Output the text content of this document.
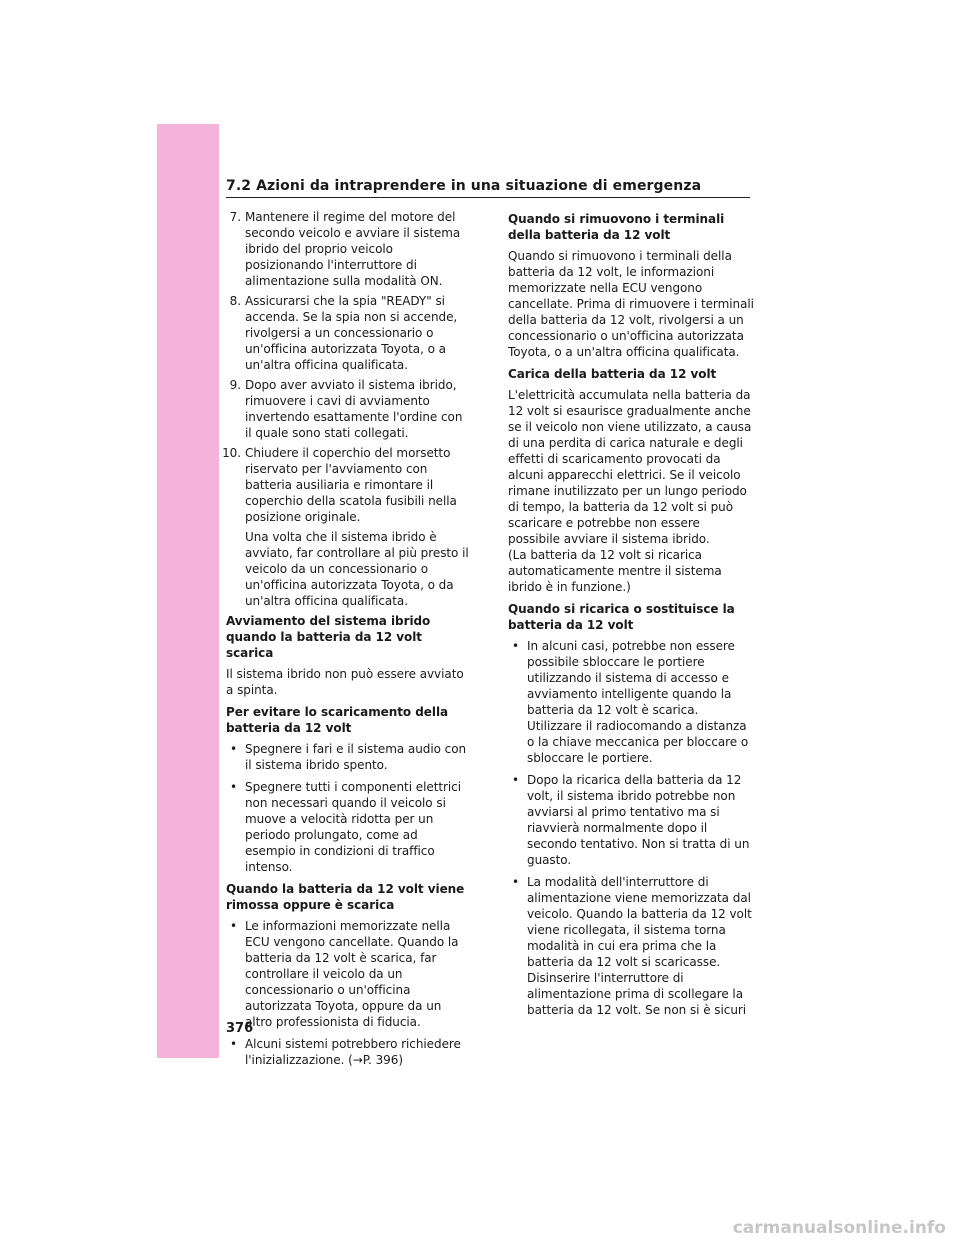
7.2 Azioni da intraprendere in una situazione di emergenza
7. Mantenere il regime del motore del secondo veicolo e avviare il sistema ibrido del proprio veicolo posizionando l'interruttore di alimentazione sulla modalità ON.
8. Assicurarsi che la spia "READY" si accenda. Se la spia non si accende, rivolgersi a un concessionario o un'officina autorizzata Toyota, o a un'altra officina qualificata.
9. Dopo aver avviato il sistema ibrido, rimuovere i cavi di avviamento invertendo esattamente l'ordine con il quale sono stati collegati.
10. Chiudere il coperchio del morsetto riservato per l'avviamento con batteria ausiliaria e rimontare il coperchio della scatola fusibili nella posizione originale.
Una volta che il sistema ibrido è avviato, far controllare al più presto il veicolo da un concessionario o un'officina autorizzata Toyota, o da un'altra officina qualificata.
Avviamento del sistema ibrido quando la batteria da 12 volt scarica
Il sistema ibrido non può essere avviato a spinta.
Per evitare lo scaricamento della batteria da 12 volt
• Spegnere i fari e il sistema audio con il sistema ibrido spento.
• Spegnere tutti i componenti elettrici non necessari quando il veicolo si muove a velocità ridotta per un periodo prolungato, come ad esempio in condizioni di traffico intenso.
Quando la batteria da 12 volt viene rimossa oppure è scarica
• Le informazioni memorizzate nella ECU vengono cancellate. Quando la batteria da 12 volt è scarica, far controllare il veicolo da un concessionario o un'officina autorizzata Toyota, oppure da un altro professionista di fiducia.
• Alcuni sistemi potrebbero richiedere l'inizializzazione. (→P. 396)
Quando si rimuovono i terminali della batteria da 12 volt
Quando si rimuovono i terminali della batteria da 12 volt, le informazioni memorizzate nella ECU vengono cancellate. Prima di rimuovere i terminali della batteria da 12 volt, rivolgersi a un concessionario o un'officina autorizzata Toyota, o a un'altra officina qualificata.
Carica della batteria da 12 volt
L'elettricità accumulata nella batteria da 12 volt si esaurisce gradualmente anche se il veicolo non viene utilizzato, a causa di una perdita di carica naturale e degli effetti di scaricamento provocati da alcuni apparecchi elettrici. Se il veicolo rimane inutilizzato per un lungo periodo di tempo, la batteria da 12 volt si può scaricare e potrebbe non essere possibile avviare il sistema ibrido.
(La batteria da 12 volt si ricarica automaticamente mentre il sistema ibrido è in funzione.)
Quando si ricarica o sostituisce la batteria da 12 volt
• In alcuni casi, potrebbe non essere possibile sbloccare le portiere utilizzando il sistema di accesso e avviamento intelligente quando la batteria da 12 volt è scarica. Utilizzare il radiocomando a distanza o la chiave meccanica per bloccare o sbloccare le portiere.
• Dopo la ricarica della batteria da 12 volt, il sistema ibrido potrebbe non avviarsi al primo tentativo ma si riavvierà normalmente dopo il secondo tentativo. Non si tratta di un guasto.
• La modalità dell'interruttore di alimentazione viene memorizzata dal veicolo. Quando la batteria da 12 volt viene ricollegata, il sistema torna modalità in cui era prima che la batteria da 12 volt si scaricasse. Disinserire l'interruttore di alimentazione prima di scollegare la batteria da 12 volt. Se non si è sicuri
376
carmanualsonline.info
